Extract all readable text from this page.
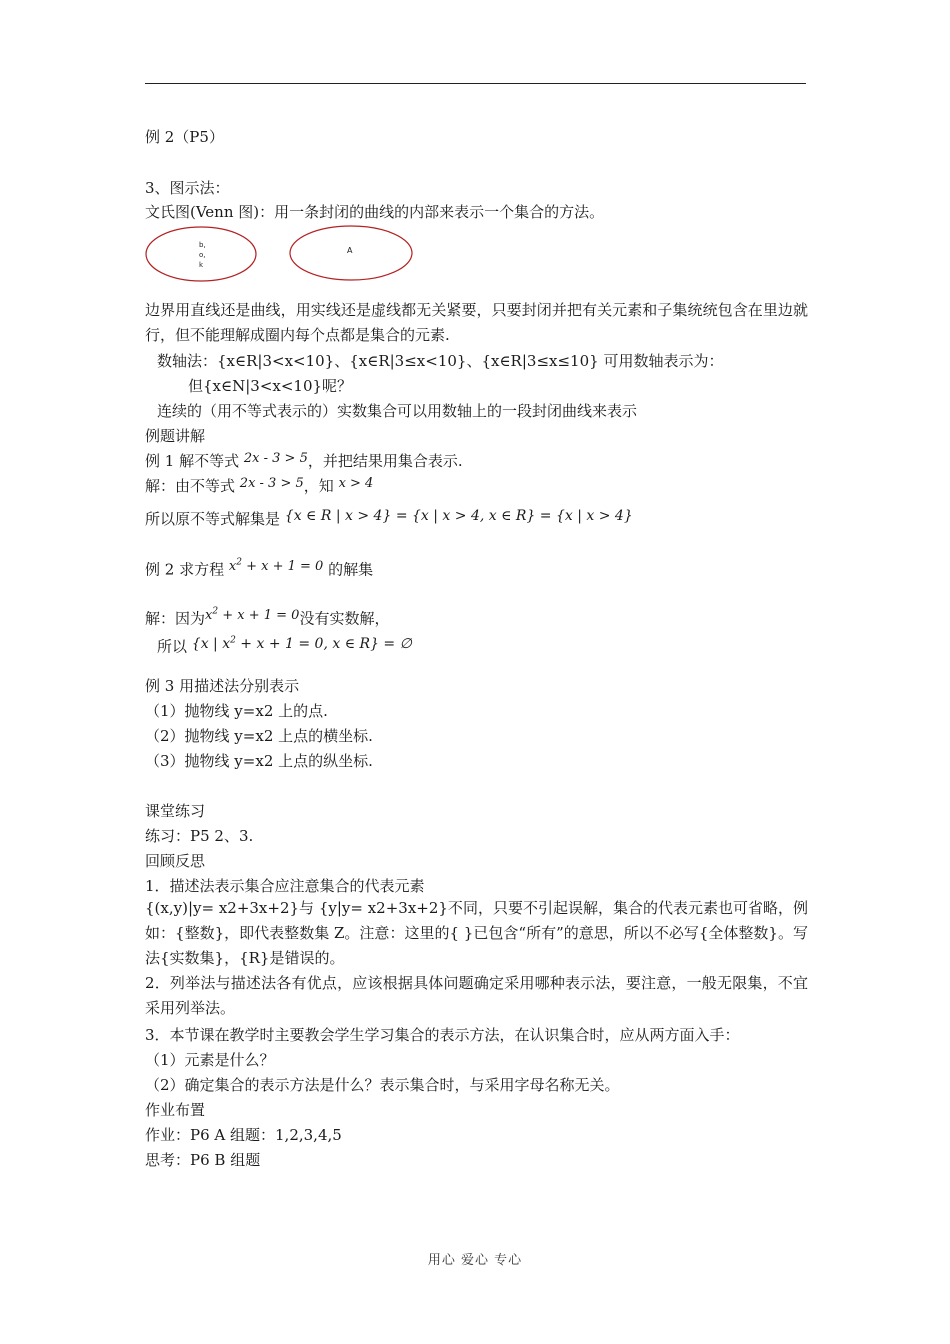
例 2（P5）
3、图示法：
文氏图(Venn 图)：用一条封闭的曲线的内部来表示一个集合的方法。
b,
o,
k
A
边界用直线还是曲线，用实线还是虚线都无关紧要，只要封闭并把有关元素和子集统统包含在里边就行，但不能理解成圈内每个点都是集合的元素.
数轴法：{x∈R|3<x<10}、{x∈R|3≤x<10}、{x∈R|3≤x≤10} 可用数轴表示为：
但{x∈N|3<x<10}呢？
连续的（用不等式表示的）实数集合可以用数轴上的一段封闭曲线来表示
例题讲解
例 1 解不等式 2x - 3 > 5，并把结果用集合表示.
解：由不等式 2x - 3 > 5，知 x > 4
所以原不等式解集是 {x ∈ R | x > 4} = {x | x > 4, x ∈ R} = {x | x > 4}
例 2 求方程 $x^2 + x + 1 = 0$ 的解集
解：因为$x^2 + x + 1 = 0$没有实数解，
所以 {x | $x^2 + x + 1 = 0$, x ∈ R} = ∅
例 3 用描述法分别表示
（1）抛物线 y=x2 上的点.
（2）抛物线 y=x2 上点的横坐标.
（3）抛物线 y=x2 上点的纵坐标.
课堂练习
练习：P5 2、3.
回顾反思
1．描述法表示集合应注意集合的代表元素
{(x,y)|y= x2+3x+2}与 {y|y= x2+3x+2}不同，只要不引起误解，集合的代表元素也可省略，例如：{整数}，即代表整数集 Z。注意：这里的{ }已包含“所有”的意思，所以不必写{全体整数}。写法{实数集}，{R}是错误的。
2．列举法与描述法各有优点，应该根据具体问题确定采用哪种表示法，要注意，一般无限集，不宜采用列举法。
3．本节课在教学时主要教会学生学习集合的表示方法，在认识集合时，应从两方面入手：
（1）元素是什么？
（2）确定集合的表示方法是什么？表示集合时，与采用字母名称无关。
作业布置
作业：P6 A 组题：1,2,3,4,5
思考：P6 B 组题
用心 爱心 专心
